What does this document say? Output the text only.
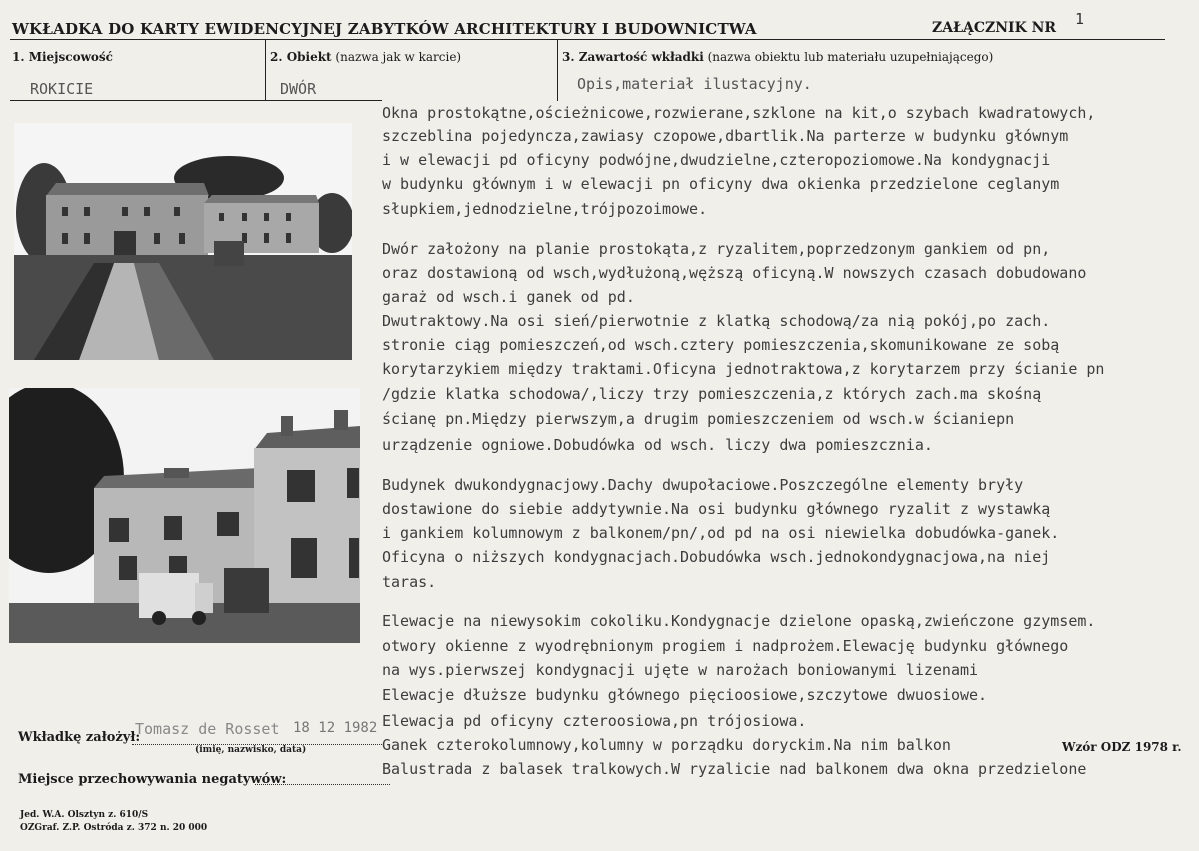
WKŁADKA DO KARTY EWIDENCYJNEJ ZABYTKÓW ARCHITEKTURY I BUDOWNICTWA	ZAŁĄCZNIK NR 1
1. Miejscowość
ROKICIE
2. Obiekt (nazwa jak w karcie)
DWÓR
3. Zawartość wkładki (nazwa obiektu lub materiału uzupełniającego)
Opis,materiał ilustacyjny.
Okna prostokątne,ościeżnicowe,rozwierane,szklone na kit,o szybach kwadratowych,
szczeblina pojedyncza,zawiasy czopowe,dbartlik.Na parterze w budynku głównym
i w elewacji pd oficyny podwójne,dwudzielne,czteropoziomowe.Na kondygnacji
w budynku głównym i w elewacji pn oficyny dwa okienka przedzielone ceglanym
słupkiem,jednodzielne,trójpozoimowe.
Dwór założony na planie prostokąta,z ryzalitem,poprzedzonym gankiem od pn,
oraz dostawioną od wsch,wydłużoną,węższą oficyną.W nowszych czasach dobudowano
garaż od wsch.i ganek od pd.
Dwutraktowy.Na osi sień/pierwotnie z klatką schodową/za nią pokój,po zach.
stronie ciąg pomieszczeń,od wsch.cztery pomieszczenia,skomunikowane ze sobą
korytarzykiem między traktami.Oficyna jednotraktowa,z korytarzem przy ścianie pn
/gdzie klatka schodowa/,liczy trzy pomieszczenia,z których zach.ma skośną
ścianę pn.Między pierwszym,a drugim pomieszczeniem od wsch.w ścianiepn
urządzenie ogniowe.Dobudówka od wsch. liczy dwa pomieszcznia.
Budynek dwukondygnacjowy.Dachy dwupołaciowe.Poszczególne elementy bryły
dostawione do siebie addytywnie.Na osi budynku głównego ryzalit z wystawką
i gankiem kolumnowym z balkonem/pn/,od pd na osi niewielka dobudówka-ganek.
Oficyna o niższych kondygnacjach.Dobudówka wsch.jednokondygnacjowa,na niej
taras.
Elewacje na niewysokim cokoliku.Kondygnacje dzielone opaską,zwieńczone gzymsem.
otwory okienne z wyodrębnionym progiem i nadprożem.Elewację budynku głównego
na wys.pierwszej kondygnacji ujęte w narożach boniowanymi lizenami
Elewacje dłuższe budynku głównego pięcioosiowe,szczytowe dwuosiowe.
Elewacja pd oficyny czteroosiowa,pn trójosiowa.
Ganek czterokolumnowy,kolumny w porządku doryckim.Na nim balkon
Balustrada z balasek tralkowych.W ryzalicie nad balkonem dwa okna przedzielone
Wkładkę założył:
Tomasz de Rosset 18 12 1982
(imię, nazwisko, data)	Wzór ODZ 1978 r.
Miejsce przechowywania negatywów:
Jed. W.A. Olsztyn z. 610/S
OZGraf. Z.P. Ostróda z. 372 n. 20 000
